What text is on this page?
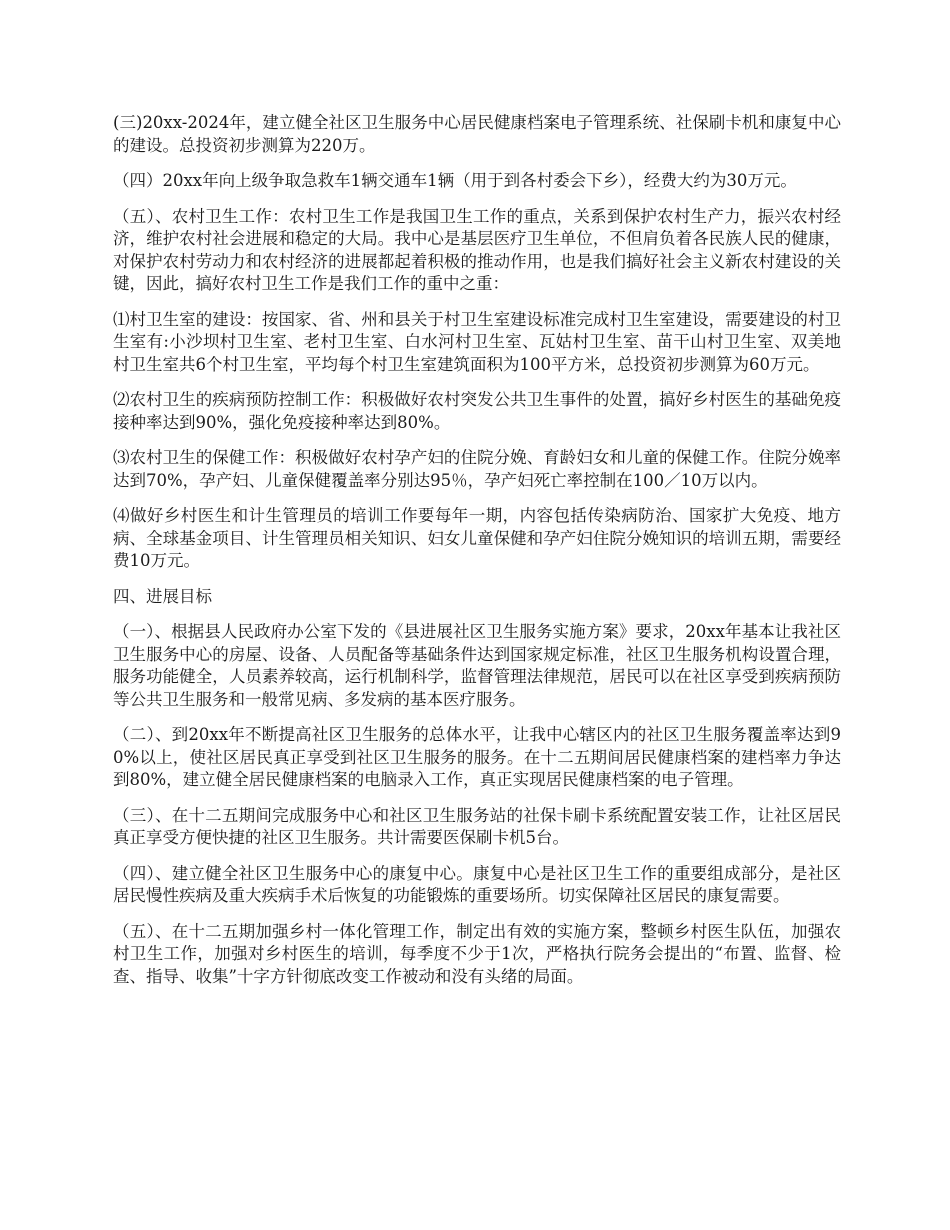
(三)20xx-2024年，建立健全社区卫生服务中心居民健康档案电子管理系统、社保刷卡机和康复中心的建设。总投资初步测算为220万。

（四）20xx年向上级争取急救车1辆交通车1辆（用于到各村委会下乡），经费大约为30万元。

（五）、农村卫生工作：农村卫生工作是我国卫生工作的重点，关系到保护农村生产力，振兴农村经济，维护农村社会进展和稳定的大局。我中心是基层医疗卫生单位，不但肩负着各民族人民的健康，对保护农村劳动力和农村经济的进展都起着积极的推动作用，也是我们搞好社会主义新农村建设的关键，因此，搞好农村卫生工作是我们工作的重中之重：

⑴村卫生室的建设：按国家、省、州和县关于村卫生室建设标准完成村卫生室建设，需要建设的村卫生室有:小沙坝村卫生室、老村卫生室、白水河村卫生室、瓦姑村卫生室、苗干山村卫生室、双美地村卫生室共6个村卫生室，平均每个村卫生室建筑面积为100平方米，总投资初步测算为60万元。

⑵农村卫生的疾病预防控制工作：积极做好农村突发公共卫生事件的处置，搞好乡村医生的基础免疫接种率达到90%，强化免疫接种率达到80%。

⑶农村卫生的保健工作：积极做好农村孕产妇的住院分娩、育龄妇女和儿童的保健工作。住院分娩率达到70%，孕产妇、儿童保健覆盖率分别达95％，孕产妇死亡率控制在100／10万以内。

⑷做好乡村医生和计生管理员的培训工作要每年一期，内容包括传染病防治、国家扩大免疫、地方病、全球基金项目、计生管理员相关知识、妇女儿童保健和孕产妇住院分娩知识的培训五期，需要经费10万元。

四、进展目标

（一）、根据县人民政府办公室下发的《县进展社区卫生服务实施方案》要求，20xx年基本让我社区卫生服务中心的房屋、设备、人员配备等基础条件达到国家规定标准，社区卫生服务机构设置合理，服务功能健全，人员素养较高，运行机制科学，监督管理法律规范，居民可以在社区享受到疾病预防等公共卫生服务和一般常见病、多发病的基本医疗服务。

（二）、到20xx年不断提高社区卫生服务的总体水平，让我中心辖区内的社区卫生服务覆盖率达到90%以上，使社区居民真正享受到社区卫生服务的服务。在十二五期间居民健康档案的建档率力争达到80%，建立健全居民健康档案的电脑录入工作，真正实现居民健康档案的电子管理。

（三）、在十二五期间完成服务中心和社区卫生服务站的社保卡刷卡系统配置安装工作，让社区居民真正享受方便快捷的社区卫生服务。共计需要医保刷卡机5台。

（四）、建立健全社区卫生服务中心的康复中心。康复中心是社区卫生工作的重要组成部分，是社区居民慢性疾病及重大疾病手术后恢复的功能锻炼的重要场所。切实保障社区居民的康复需要。

（五）、在十二五期加强乡村一体化管理工作，制定出有效的实施方案，整顿乡村医生队伍，加强农村卫生工作，加强对乡村医生的培训，每季度不少于1次，严格执行院务会提出的“布置、监督、检查、指导、收集”十字方针彻底改变工作被动和没有头绪的局面。
